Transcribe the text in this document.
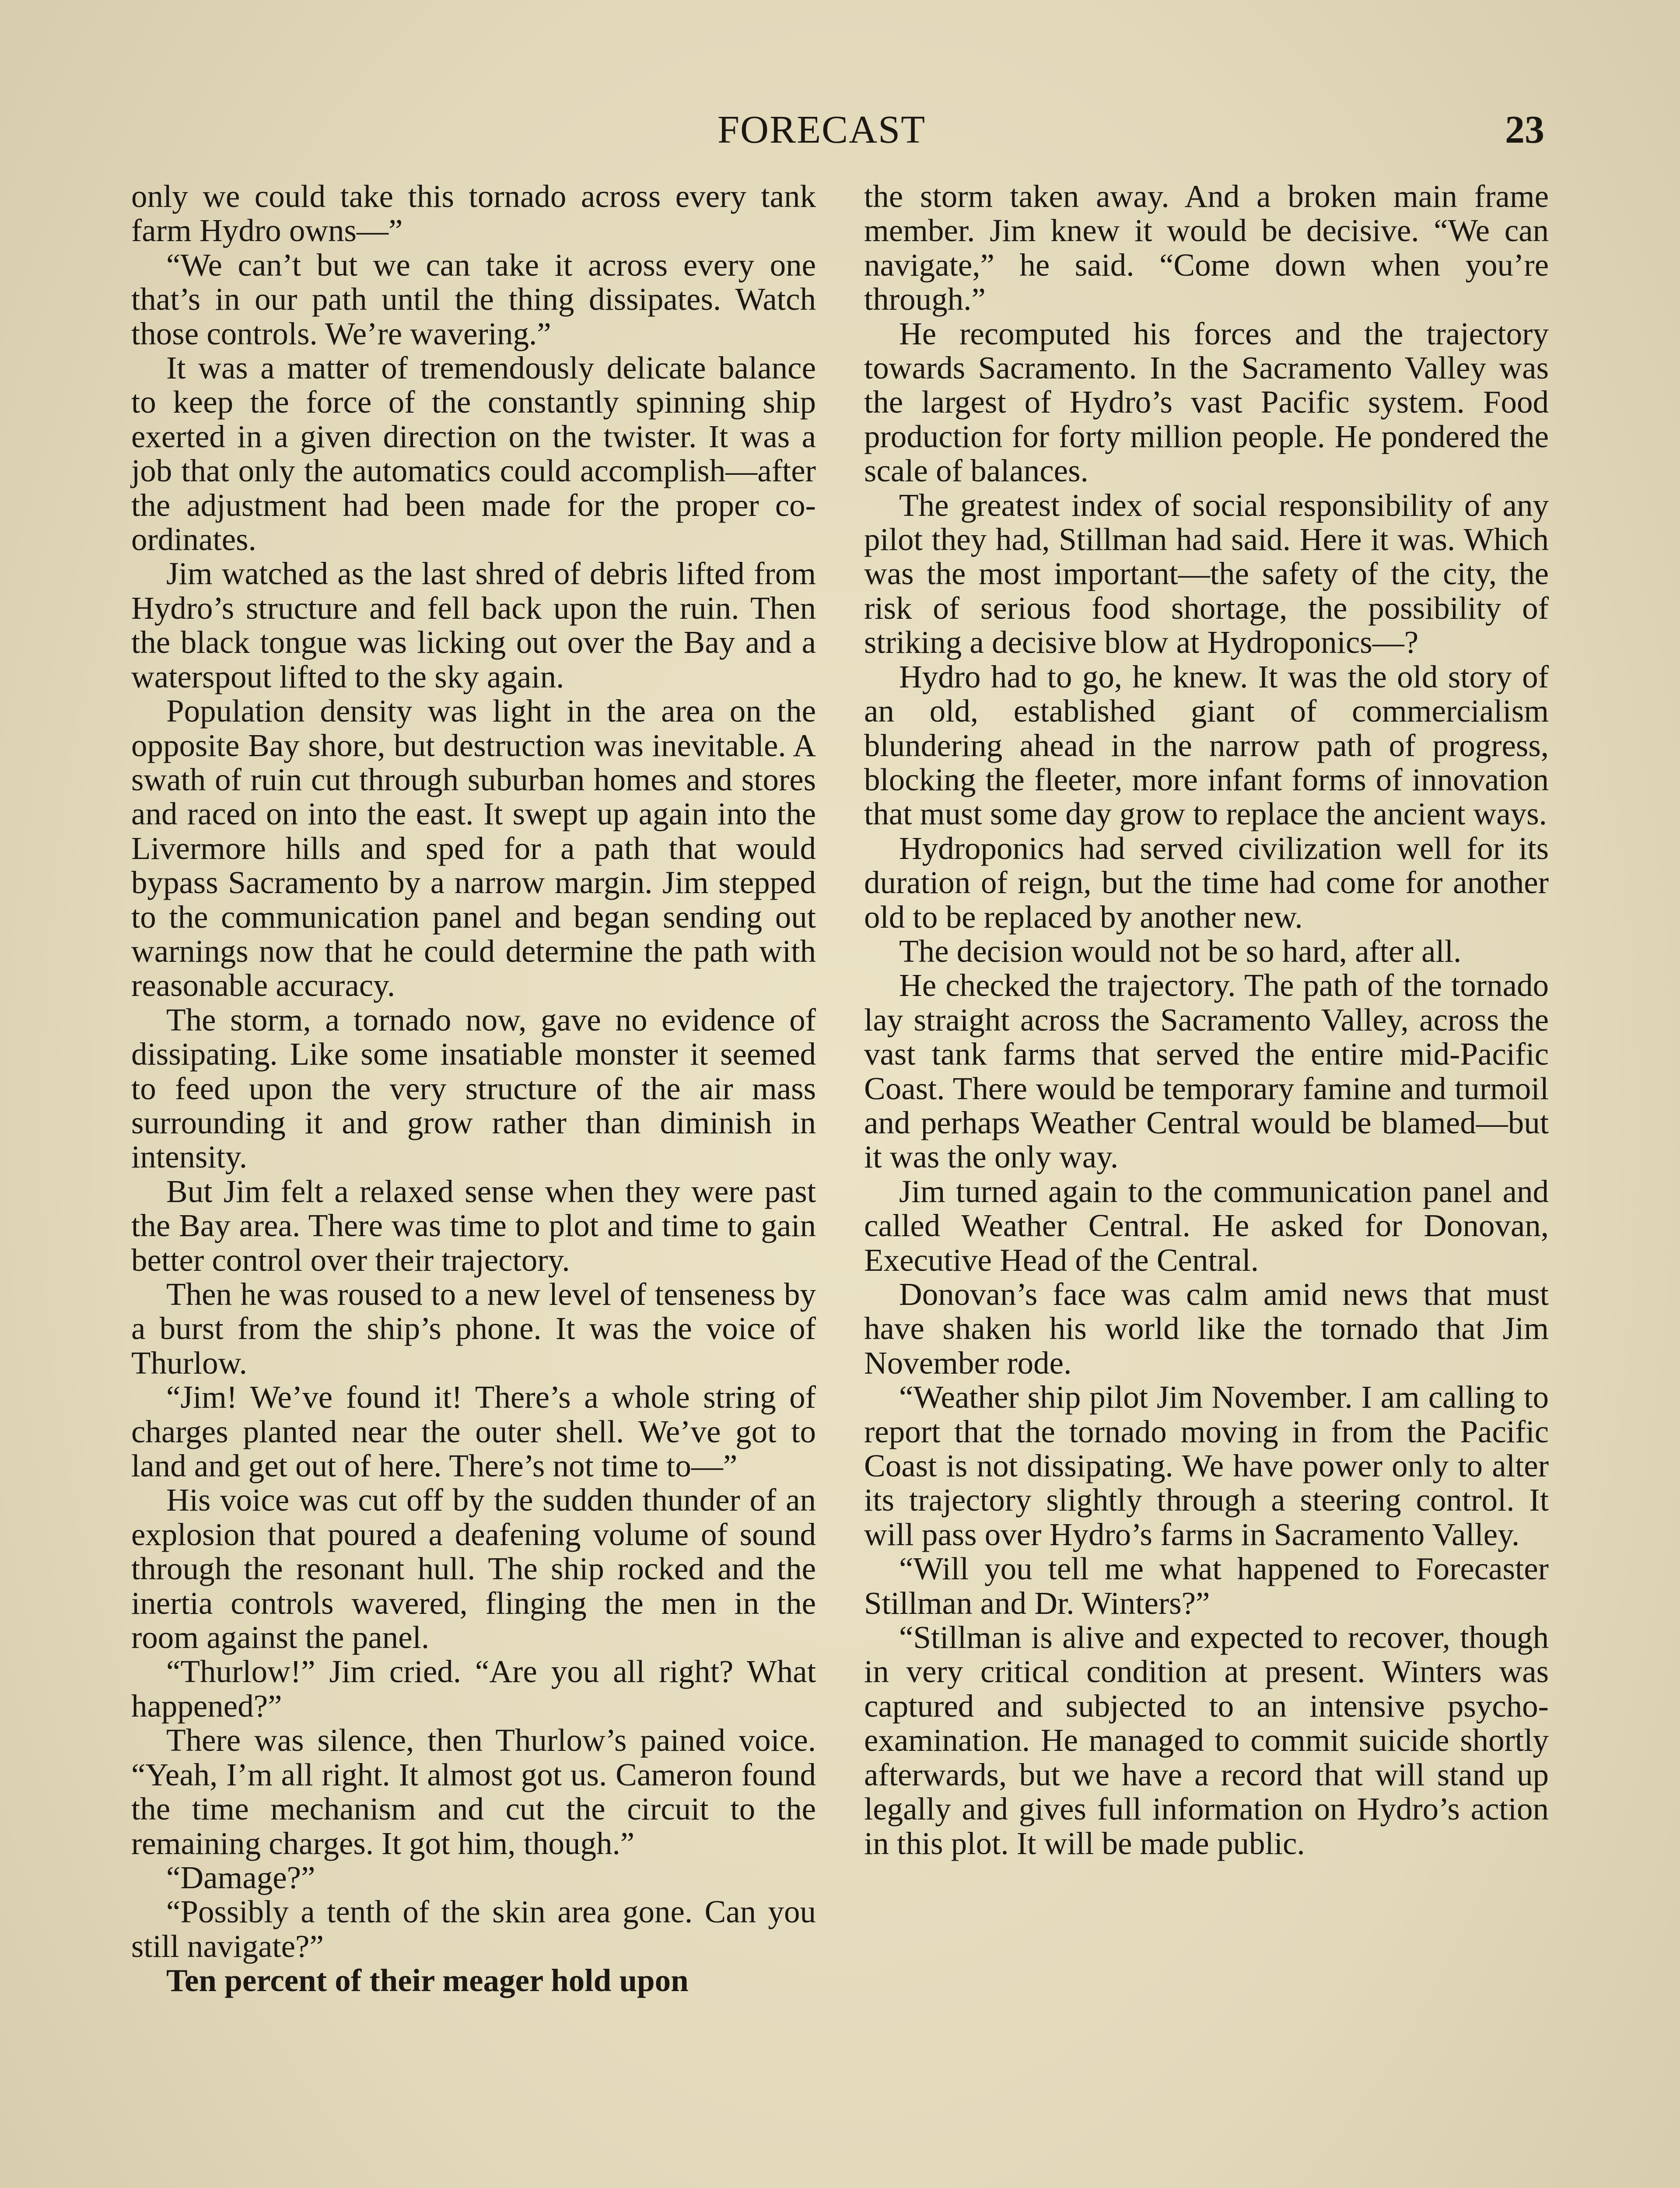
FORECAST	23

only we could take this tornado across every tank farm Hydro owns—”

“We can’t but we can take it across every one that’s in our path until the thing dissipates. Watch those controls. We’re wavering.”

It was a matter of tremendously delicate balance to keep the force of the constantly spinning ship exerted in a given direction on the twister. It was a job that only the automatics could accomplish—after the adjustment had been made for the proper co-ordinates.

Jim watched as the last shred of debris lifted from Hydro’s structure and fell back upon the ruin. Then the black tongue was licking out over the Bay and a waterspout lifted to the sky again.

Population density was light in the area on the opposite Bay shore, but destruction was inevitable. A swath of ruin cut through suburban homes and stores and raced on into the east. It swept up again into the Livermore hills and sped for a path that would bypass Sacramento by a narrow margin. Jim stepped to the communication panel and began sending out warnings now that he could determine the path with reasonable accuracy.

The storm, a tornado now, gave no evidence of dissipating. Like some insatiable monster it seemed to feed upon the very structure of the air mass surrounding it and grow rather than diminish in intensity.

But Jim felt a relaxed sense when they were past the Bay area. There was time to plot and time to gain better control over their trajectory.

Then he was roused to a new level of tenseness by a burst from the ship’s phone. It was the voice of Thurlow.

“Jim! We’ve found it! There’s a whole string of charges planted near the outer shell. We’ve got to land and get out of here. There’s not time to—”

His voice was cut off by the sudden thunder of an explosion that poured a deafening volume of sound through the resonant hull. The ship rocked and the inertia controls wavered, flinging the men in the room against the panel.

“Thurlow!” Jim cried. “Are you all right? What happened?”

There was silence, then Thurlow’s pained voice. “Yeah, I’m all right. It almost got us. Cameron found the time mechanism and cut the circuit to the remaining charges. It got him, though.”

“Damage?”

“Possibly a tenth of the skin area gone. Can you still navigate?”

Ten percent of their meager hold upon

the storm taken away. And a broken main frame member. Jim knew it would be decisive. “We can navigate,” he said. “Come down when you’re through.”

He recomputed his forces and the trajectory towards Sacramento. In the Sacramento Valley was the largest of Hydro’s vast Pacific system. Food production for forty million people. He pondered the scale of balances.

The greatest index of social responsibility of any pilot they had, Stillman had said. Here it was. Which was the most important—the safety of the city, the risk of serious food shortage, the possibility of striking a decisive blow at Hydroponics—?

Hydro had to go, he knew. It was the old story of an old, established giant of commercialism blundering ahead in the narrow path of progress, blocking the fleeter, more infant forms of innovation that must some day grow to replace the ancient ways.

Hydroponics had served civilization well for its duration of reign, but the time had come for another old to be replaced by another new.

The decision would not be so hard, after all.

He checked the trajectory. The path of the tornado lay straight across the Sacramento Valley, across the vast tank farms that served the entire mid-Pacific Coast. There would be temporary famine and turmoil and perhaps Weather Central would be blamed—but it was the only way.

Jim turned again to the communication panel and called Weather Central. He asked for Donovan, Executive Head of the Central.

Donovan’s face was calm amid news that must have shaken his world like the tornado that Jim November rode.

“Weather ship pilot Jim November. I am calling to report that the tornado moving in from the Pacific Coast is not dissipating. We have power only to alter its trajectory slightly through a steering control. It will pass over Hydro’s farms in Sacramento Valley.

“Will you tell me what happened to Forecaster Stillman and Dr. Winters?”

“Stillman is alive and expected to recover, though in very critical condition at present. Winters was captured and subjected to an intensive psycho-examination. He managed to commit suicide shortly afterwards, but we have a record that will stand up legally and gives full information on Hydro’s action in this plot. It will be made public.
